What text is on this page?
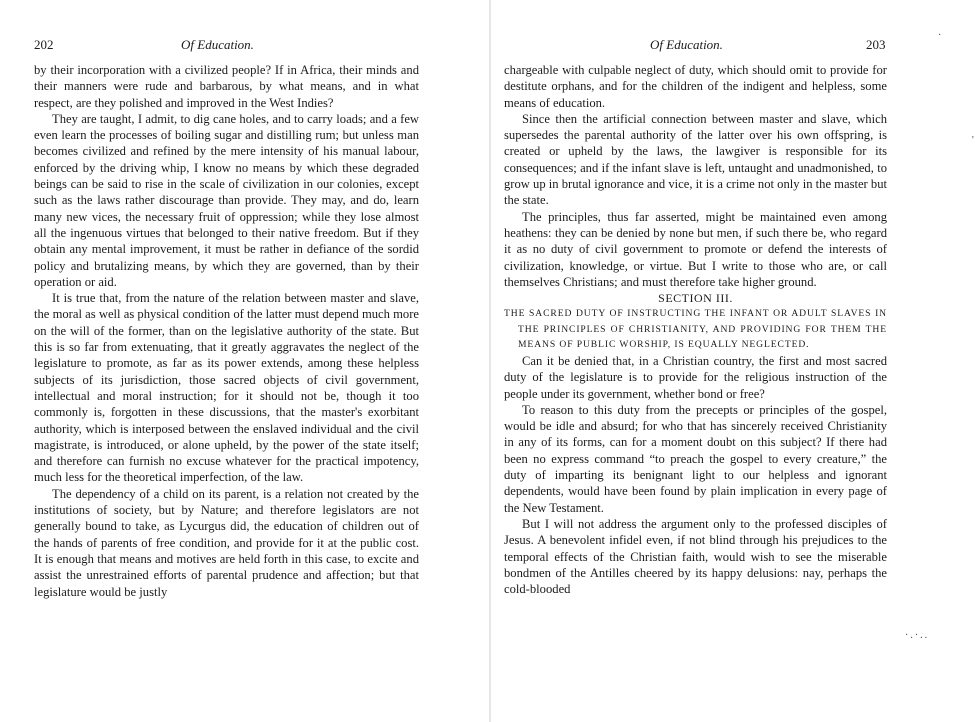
202	Of Education.

by their incorporation with a civilized people? If in Africa, their minds and their manners were rude and barbarous, by what means, and in what respect, are they polished and improved in the West Indies?

They are taught, I admit, to dig cane holes, and to carry loads; and a few even learn the processes of boiling sugar and distilling rum; but unless man becomes civilized and refined by the mere intensity of his manual labour, enforced by the driving whip, I know no means by which these degraded beings can be said to rise in the scale of civilization in our colonies, except such as the laws rather discourage than provide. They may, and do, learn many new vices, the necessary fruit of oppression; while they lose almost all the ingenuous virtues that belonged to their native freedom. But if they obtain any mental improvement, it must be rather in defiance of the sordid policy and brutalizing means, by which they are governed, than by their operation or aid.

It is true that, from the nature of the relation between master and slave, the moral as well as physical condition of the latter must depend much more on the will of the former, than on the legislative authority of the state. But this is so far from extenuating, that it greatly aggravates the neglect of the legislature to promote, as far as its power extends, among these helpless subjects of its jurisdiction, those sacred objects of civil government, intellectual and moral instruction; for it should not be, though it too commonly is, forgotten in these discussions, that the master's exorbitant authority, which is interposed between the enslaved individual and the civil magistrate, is introduced, or alone upheld, by the power of the state itself; and therefore can furnish no excuse whatever for the practical impotency, much less for the theoretical imperfection, of the law.

The dependency of a child on its parent, is a relation not created by the institutions of society, but by Nature; and therefore legislators are not generally bound to take, as Lycurgus did, the education of children out of the hands of parents of free condition, and provide for it at the public cost. It is enough that means and motives are held forth in this case, to excite and assist the unrestrained efforts of parental prudence and affection; but that legislature would be justly

Of Education.	203

chargeable with culpable neglect of duty, which should omit to provide for destitute orphans, and for the children of the indigent and helpless, some means of education.

Since then the artificial connection between master and slave, which supersedes the parental authority of the latter over his own offspring, is created or upheld by the laws, the lawgiver is responsible for its consequences; and if the infant slave is left, untaught and unadmonished, to grow up in brutal ignorance and vice, it is a crime not only in the master but the state.

The principles, thus far asserted, might be maintained even among heathens: they can be denied by none but men, if such there be, who regard it as no duty of civil government to promote or defend the interests of civilization, knowledge, or virtue. But I write to those who are, or call themselves Christians; and must therefore take higher ground.

SECTION III.

THE SACRED DUTY OF INSTRUCTING THE INFANT OR ADULT SLAVES IN THE PRINCIPLES OF CHRISTIANITY, AND PROVIDING FOR THEM THE MEANS OF PUBLIC WORSHIP, IS EQUALLY NEGLECTED.

Can it be denied that, in a Christian country, the first and most sacred duty of the legislature is to provide for the religious instruction of the people under its government, whether bond or free?

To reason to this duty from the precepts or principles of the gospel, would be idle and absurd; for who that has sincerely received Christianity in any of its forms, can for a moment doubt on this subject? If there had been no express command “to preach the gospel to every creature,” the duty of imparting its benignant light to our helpless and ignorant dependents, would have been found by plain implication in every page of the New Testament.

But I will not address the argument only to the professed disciples of Jesus. A benevolent infidel even, if not blind through his prejudices to the temporal effects of the Christian faith, would wish to see the miserable bondmen of the Antilles cheered by its happy delusions: nay, perhaps the cold-blooded

·
'
·.·..
